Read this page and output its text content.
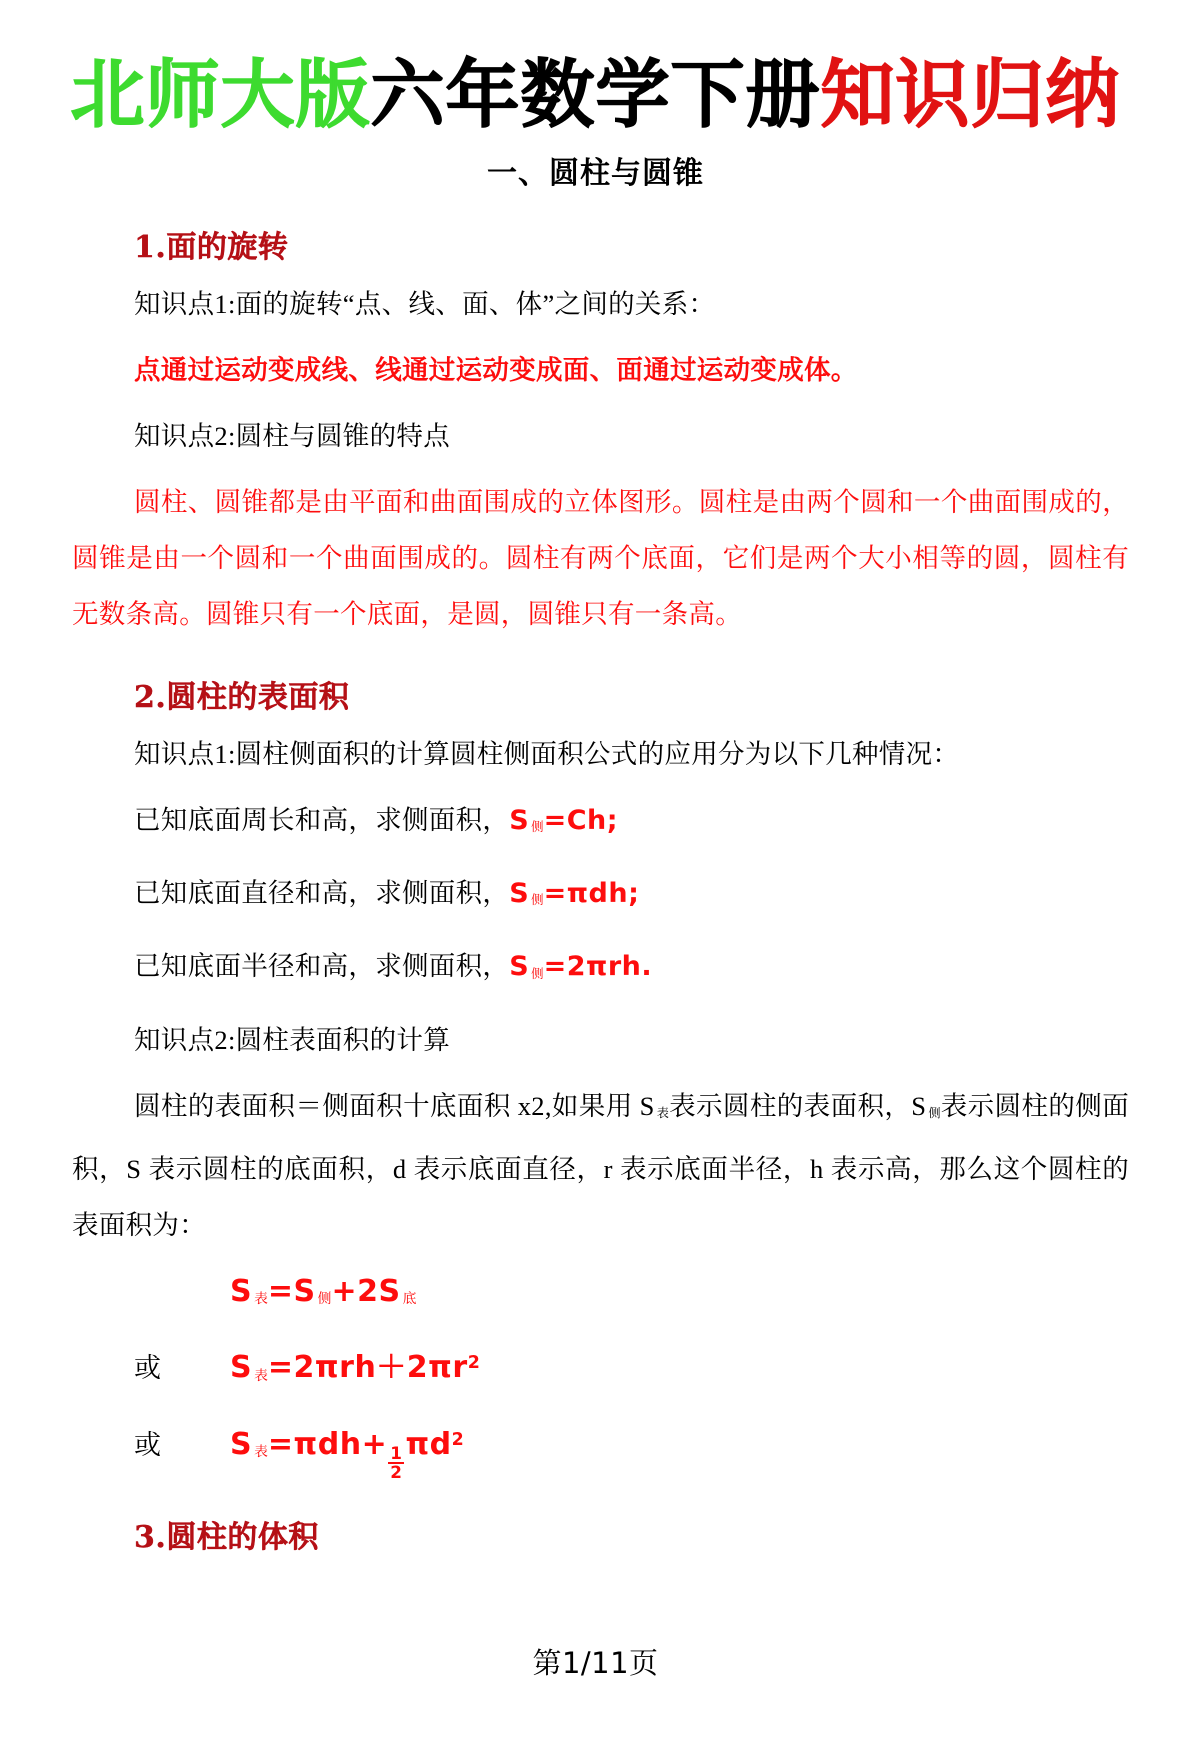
北师大版六年数学下册知识归纳
一、圆柱与圆锥
1.面的旋转

知识点1:面的旋转“点、线、面、体”之间的关系：

点通过运动变成线、线通过运动变成面、面通过运动变成体。

知识点2:圆柱与圆锥的特点

圆柱、圆锥都是由平面和曲面围成的立体图形。圆柱是由两个圆和一个曲面围成的，圆锥是由一个圆和一个曲面围成的。圆柱有两个底面，它们是两个大小相等的圆，圆柱有无数条高。圆锥只有一个底面，是圆，圆锥只有一条高。

2.圆柱的表面积

知识点1:圆柱侧面积的计算圆柱侧面积公式的应用分为以下几种情况：

已知底面周长和高，求侧面积，S $_侧$=Ch;

已知底面直径和高，求侧面积，S $_侧$=πdh;

已知底面半径和高，求侧面积，S $_侧$=2πrh.

知识点2:圆柱表面积的计算

圆柱的表面积＝侧面积十底面积 x2,如果用 S $_表$表示圆柱的表面积，S $_侧$表示圆柱的侧面积，S 表示圆柱的底面积，d 表示底面直径，r 表示底面半径，h 表示高，那么这个圆柱的表面积为：

S $_表$=S $_侧$+2S $_底$
或	S $_表=2\pi rh+2\pi r^2$
或	S $_表$=πdh+
$\frac{1}{2}$
$\pi d^2$
3.圆柱的体积
第1/11页
